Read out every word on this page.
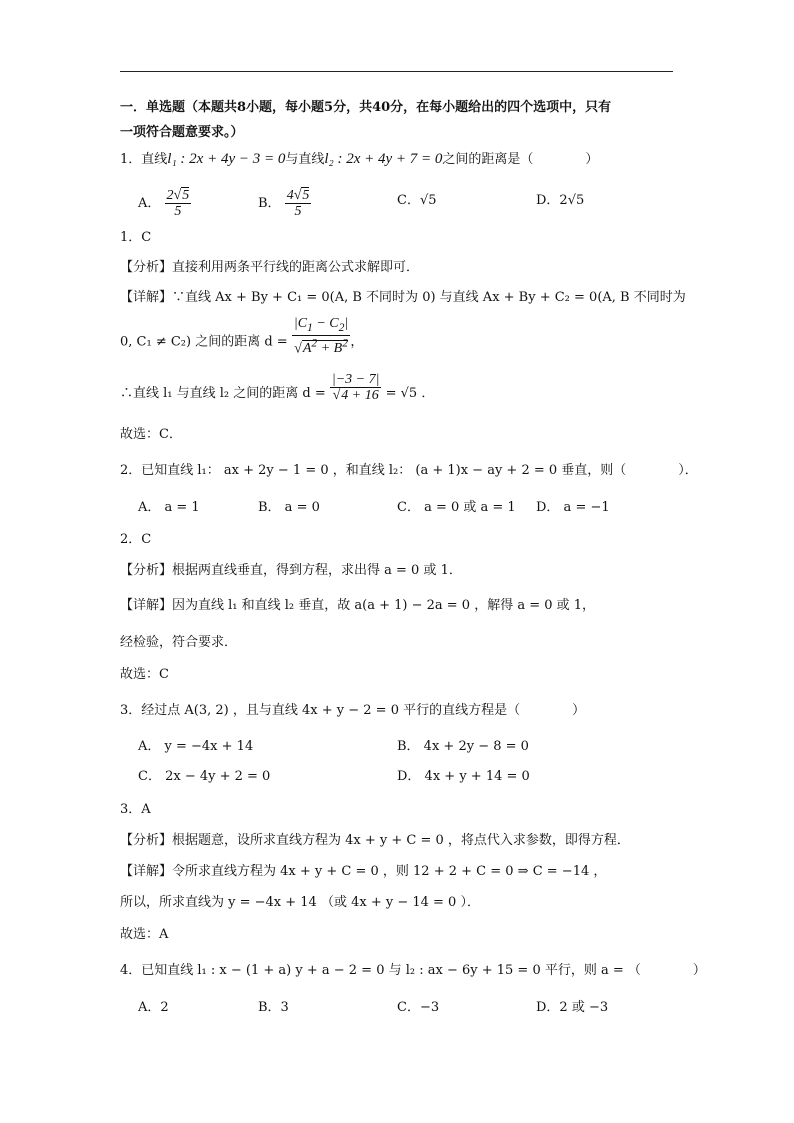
一．单选题（本题共8小题，每小题5分，共40分，在每小题给出的四个选项中，只有
一项符合题意要求。）
1．直线l₁ : 2x + 4y − 3 = 0与直线l₂ : 2x + 4y + 7 = 0之间的距离是（　　　　）
A． $\frac{2√5}{5}$	B． $\frac{4√5}{5}$	C．√5	D．2√5
1．C
【分析】直接利用两条平行线的距离公式求解即可．
【详解】∵直线 Ax + By + C₁ = 0(A, B 不同时为 0) 与直线 Ax + By + C₂ = 0(A, B 不同时为
0, C₁ ≠ C₂) 之间的距离 $d = \frac{|C_1 - C_2|}{√A^2 + B^2}$ ，
∴直线 l₁ 与直线 l₂ 之间的距离 $d = \frac{|-3 - 7|}{√4 + 16} = √5$ ．
故选：C．
2．已知直线 l₁： ax + 2y − 1 = 0 ，和直线 l₂： (a + 1)x − ay + 2 = 0 垂直，则（　　　　）．
A． a = 1	B． a = 0	C． a = 0 或 a = 1 D． a = −1
2．C
【分析】根据两直线垂直，得到方程，求出得 a = 0 或 1．
【详解】因为直线 l₁ 和直线 l₂ 垂直，故 a(a + 1) − 2a = 0 ，解得 a = 0 或 1，
经检验，符合要求．
故选：C
3．经过点 A(3, 2) ，且与直线 4x + y − 2 = 0 平行的直线方程是（　　　　）
A． y = −4x + 14	B． 4x + 2y − 8 = 0
C． 2x − 4y + 2 = 0	D． 4x + y + 14 = 0
3．A
【分析】根据题意，设所求直线方程为 4x + y + C = 0 ，将点代入求参数，即得方程．
【详解】令所求直线方程为 4x + y + C = 0 ，则 12 + 2 + C = 0 ⇒ C = −14 ，
所以，所求直线为 y = −4x + 14 （或 4x + y − 14 = 0 ）．
故选：A
4．已知直线 l₁ : x − (1 + a) y + a − 2 = 0 与 l₂ : ax − 6y + 15 = 0 平行，则 a = （　　　　）
A．2	B．3	C．−3	D．2 或 −3
